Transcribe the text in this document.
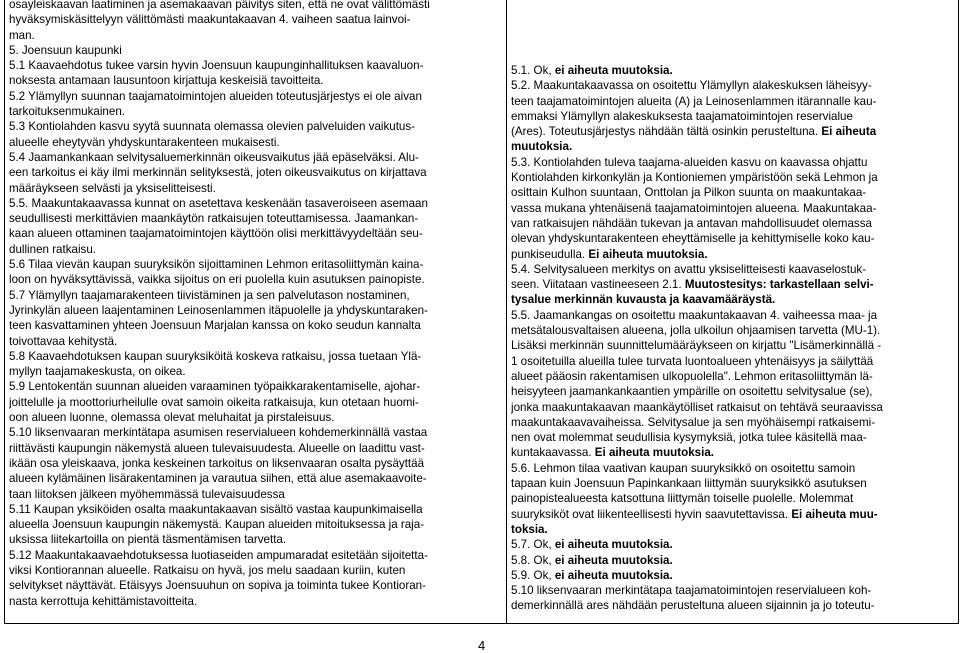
osayleiskaavan laatiminen ja asemakaavan päivitys siten, että ne ovat välittömästi
hyväksymiskäsittelyyn välittömästi maakuntakaavan 4. vaiheen saatua lainvoi-
man.
5. Joensuun kaupunki
5.1 Kaavaehdotus tukee varsin hyvin Joensuun kaupunginhallituksen kaavaluon-
noksesta antamaan lausuntoon kirjattuja keskeisiä tavoitteita.
5.2 Ylämyllyn suunnan taajamatoimintojen alueiden toteutusjärjestys ei ole aivan
tarkoituksenmukainen.
5.3 Kontiolahden kasvu syytä suunnata olemassa olevien palveluiden vaikutus-
alueelle eheytyvän yhdyskuntarakenteen mukaisesti.
5.4 Jaamankankaan selvitysaluemerkinnän oikeusvaikutus jää epäselväksi. Alu-
een tarkoitus ei käy ilmi merkinnän selityksestä, joten oikeusvaikutus on kirjattava
määräykseen selvästi ja yksiselitteisesti.
5.5. Maakuntakaavassa kunnat on asetettava keskenään tasaveroiseen asemaan
seudullisesti merkittävien maankäytön ratkaisujen toteuttamisessa. Jaamankan-
kaan alueen ottaminen taajamatoimintojen käyttöön olisi merkittävyydeltään seu-
dullinen ratkaisu.
5.6 Tilaa vievän kaupan suuryksikön sijoittaminen Lehmon eritasoliittymän kaina-
loon on hyväksyttävissä, vaikka sijoitus on eri puolella kuin asutuksen painopiste.
5.7 Ylämyllyn taajamarakenteen tiivistäminen ja sen palvelutason nostaminen,
Jyrinkylän alueen laajentaminen Leinosenlammen itäpuolelle ja yhdyskuntaraken-
teen kasvattaminen yhteen Joensuun Marjalan kanssa on koko seudun kannalta
toivottavaa kehitystä.
5.8 Kaavaehdotuksen kaupan suuryksiköitä koskeva ratkaisu, jossa tuetaan Ylä-
myllyn taajamakeskusta, on oikea.
5.9 Lentokentän suunnan alueiden varaaminen työpaikkarakentamiselle, ajohar-
joittelulle ja moottoriurheilulle ovat samoin oikeita ratkaisuja, kun otetaan huomi-
oon alueen luonne, olemassa olevat meluhaitat ja pirstaleisuus.
5.10 liksenvaaran merkintätapa asumisen reservialueen kohdemerkinnällä vastaa
riittävästi kaupungin näkemystä alueen tulevaisuudesta. Alueelle on laadittu vast-
ikään osa yleiskaava, jonka keskeinen tarkoitus on liksenvaaran osalta pysäyttää
alueen kylämäinen lisärakentaminen ja varautua siihen, että alue asemakaavoite-
taan liitoksen jälkeen myöhemmässä tulevaisuudessa
5.11 Kaupan yksiköiden osalta maakuntakaavan sisältö vastaa kaupunkimaisella
alueella Joensuun kaupungin näkemystä. Kaupan alueiden mitoituksessa ja raja-
uksissa liitekartoilla on pientä täsmentämisen tarvetta.
5.12 Maakuntakaavaehdotuksessa luotiaseiden ampumaradat esitetään sijoitetta-
viksi Kontiorannan alueelle. Ratkaisu on hyvä, jos melu saadaan kuriin, kuten
selvitykset näyttävät. Etäisyys Joensuuhun on sopiva ja toiminta tukee Kontioran-
nasta kerrottuja kehittämistavoitteita.

5.1. Ok, ei aiheuta muutoksia.
5.2. Maakuntakaavassa on osoitettu Ylämyllyn alakeskuksen läheisyy-
teen taajamatoimintojen alueita (A) ja Leinosenlammen itärannalle kau-
emmaksi Ylämyllyn alakeskuksesta taajamatoimintojen reservialue
(Ares). Toteutusjärjestys nähdään tältä osinkin perusteltuna. Ei aiheuta
muutoksia.
5.3. Kontiolahden tuleva taajama-alueiden kasvu on kaavassa ohjattu
Kontiolahden kirkonkylän ja Kontioniemen ympäristöön sekä Lehmon ja
osittain Kulhon suuntaan, Onttolan ja Pilkon suunta on maakuntakaa-
vassa mukana yhtenäisenä taajamatoimintojen alueena. Maakuntakaa-
van ratkaisujen nähdään tukevan ja antavan mahdollisuudet olemassa
olevan yhdyskuntarakenteen eheyttämiselle ja kehittymiselle koko kau-
punkiseudulla. Ei aiheuta muutoksia.
5.4. Selvitysalueen merkitys on avattu yksiselitteisesti kaavaselostuk-
seen. Viitataan vastineeseen 2.1. Muutostesitys: tarkastellaan selvi-
tysalue merkinnän kuvausta ja kaavamääräystä.
5.5. Jaamankangas on osoitettu maakuntakaavan 4. vaiheessa maa- ja
metsätalousvaltaisen alueena, jolla ulkoilun ohjaamisen tarvetta (MU-1).
Lisäksi merkinnän suunnittelumääräykseen on kirjattu "Lisämerkinnällä -
1 osoitetuilla alueilla tulee turvata luontoalueen yhtenäisyys ja säilyttää
alueet pääosin rakentamisen ulkopuolella". Lehmon eritasoliittymän lä-
heisyyteen jaamankankaantien ympärille on osoitettu selvitysalue (se),
jonka maakuntakaavan maankäytölliset ratkaisut on tehtävä seuraavissa
maakuntakaavavaiheissa. Selvitysalue ja sen myöhäisempi ratkaisemi-
nen ovat molemmat seudullisia kysymyksiä, jotka tulee käsitellä maa-
kuntakaavassa. Ei aiheuta muutoksia.
5.6. Lehmon tilaa vaativan kaupan suuryksikkö on osoitettu samoin
tapaan kuin Joensuun Papinkankaan liittymän suuryksikkö asutuksen
painopistealueesta katsottuna liittymän toiselle puolelle. Molemmat
suuryksiköt ovat liikenteellisesti hyvin saavutettavissa. Ei aiheuta muu-
toksia.
5.7. Ok, ei aiheuta muutoksia.
5.8. Ok, ei aiheuta muutoksia.
5.9. Ok, ei aiheuta muutoksia.
5.10 liksenvaaran merkintätapa taajamatoimintojen reservialueen koh-
demerkinnällä ares nähdään perusteltuna alueen sijainnin ja jo toteutu-
4
